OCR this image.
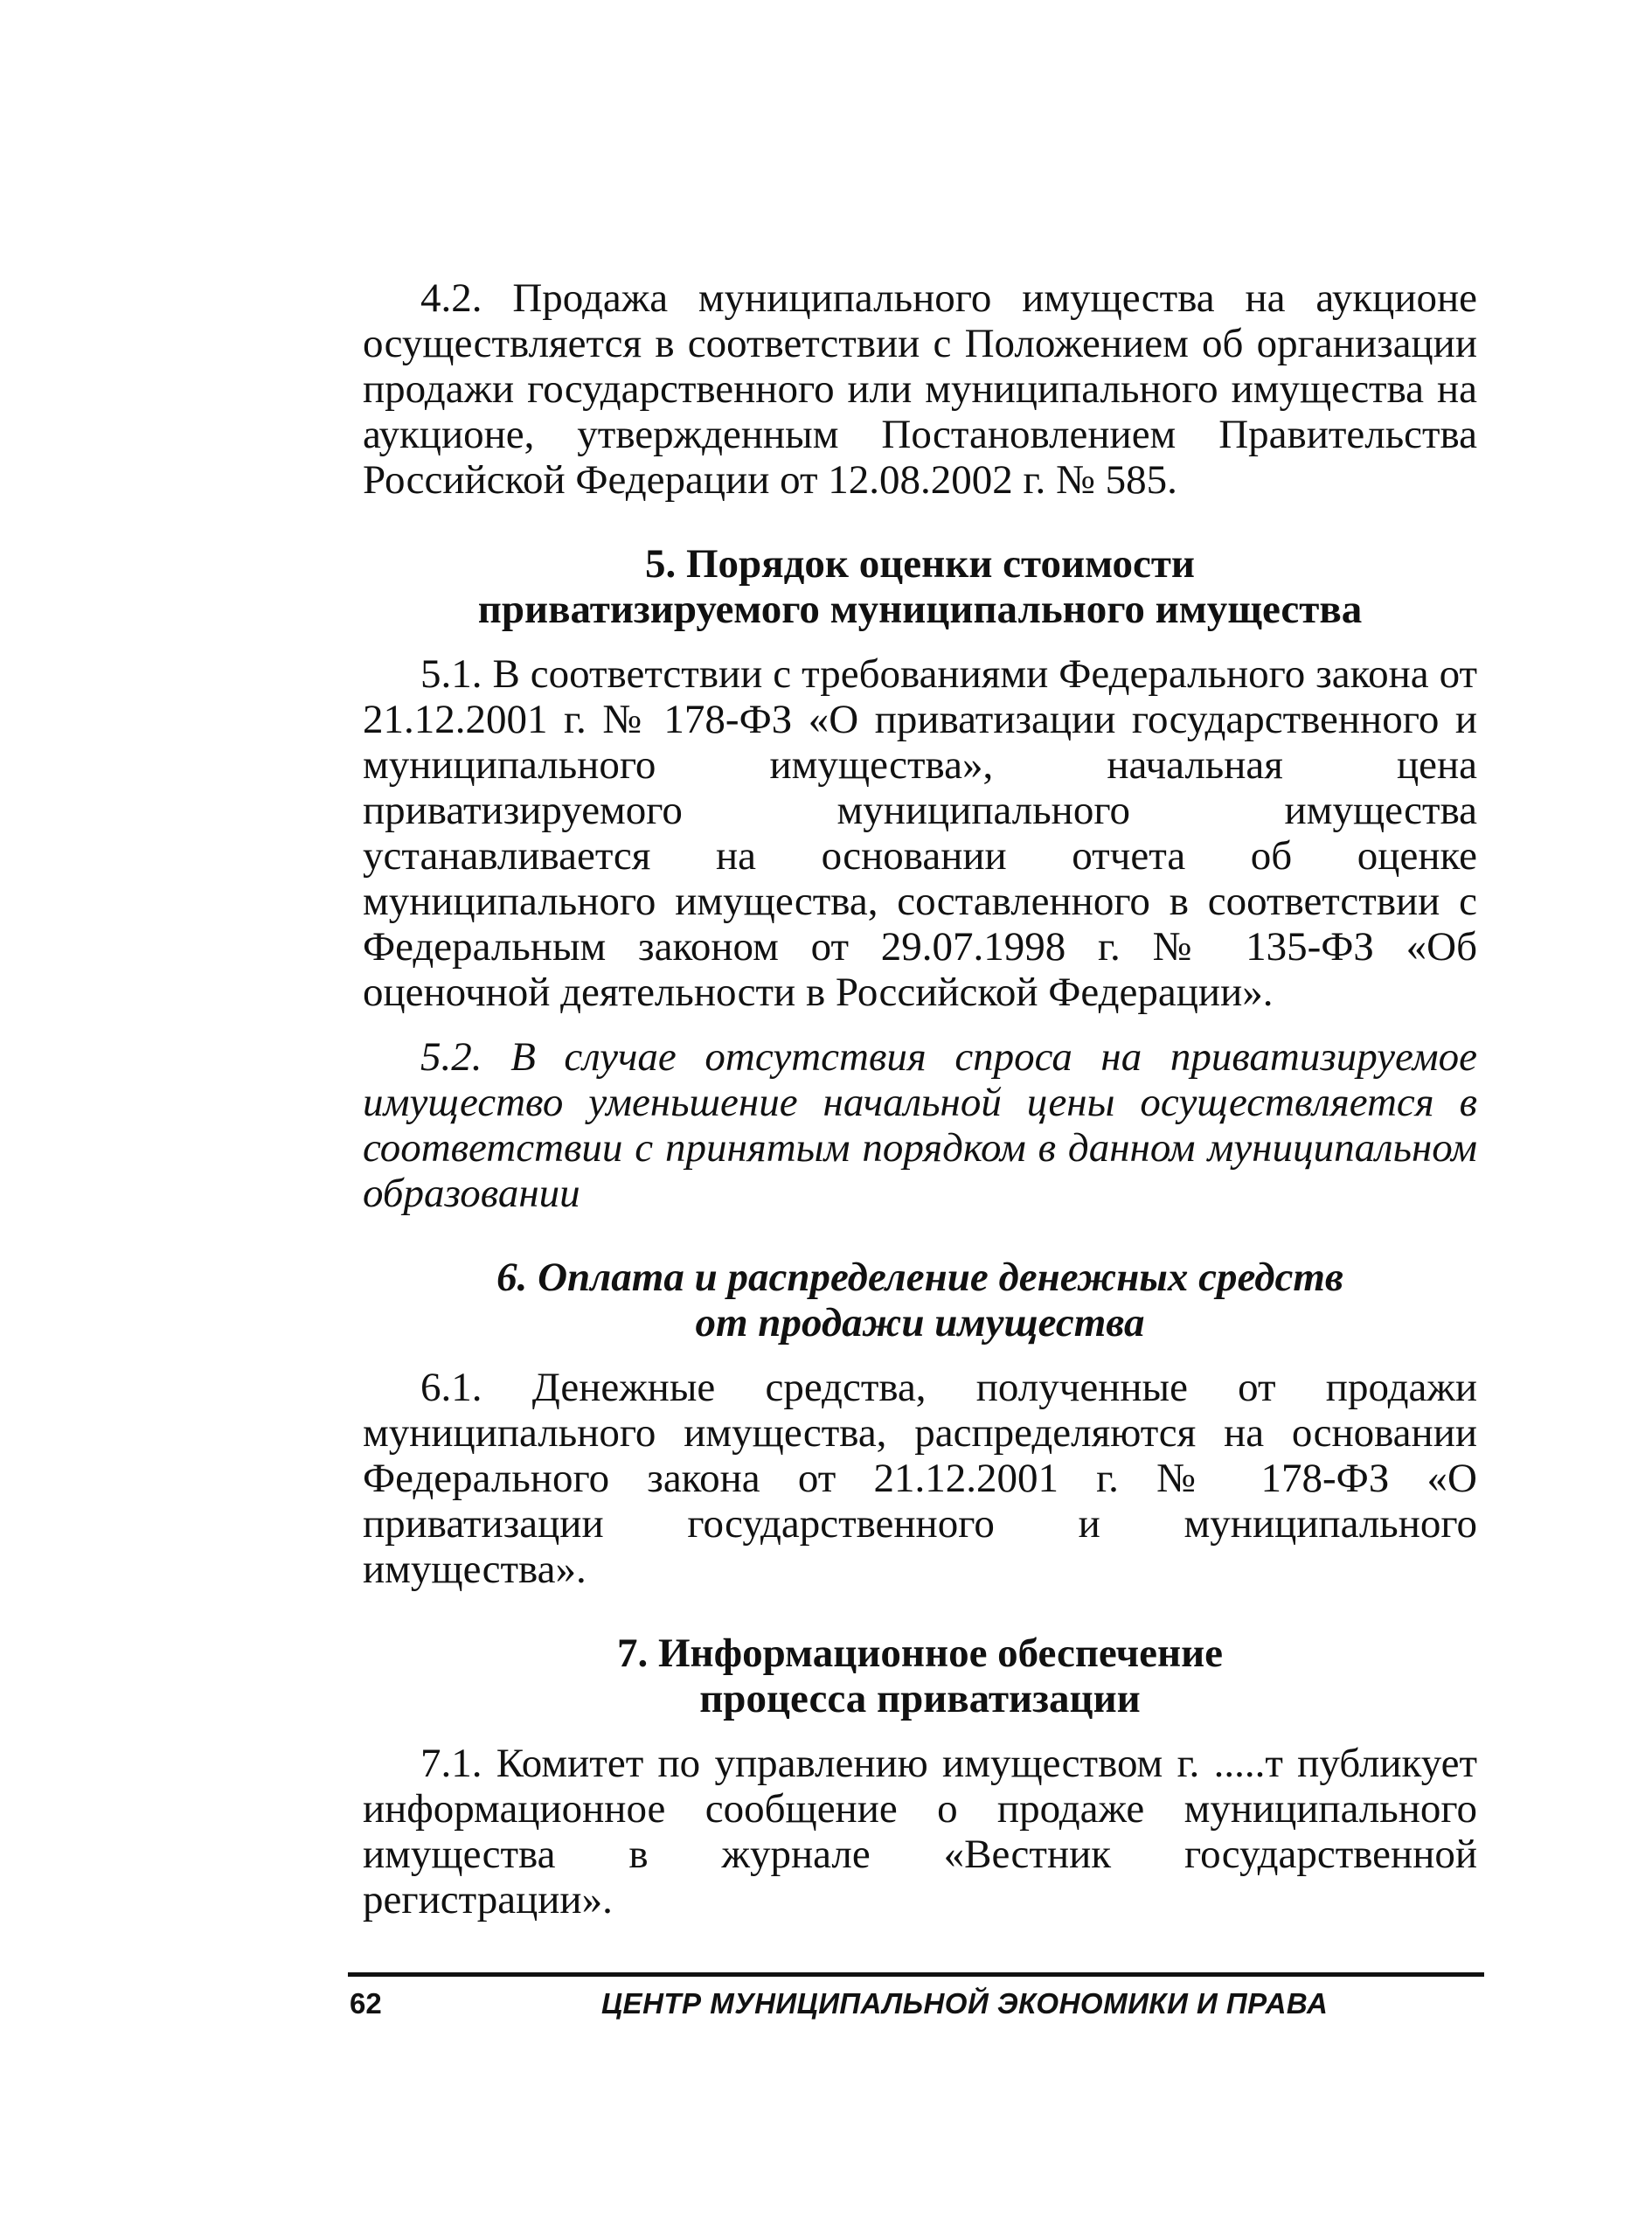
4.2. Продажа муниципального имущества на аукционе осуществляется в соответствии с Положением об организации продажи государственного или муниципального имущества на аукционе, утвержденным Постановлением Правительства Российской Федерации от 12.08.2002 г. № 585.

5. Порядок оценки стоимости
приватизируемого муниципального имущества

5.1. В соответствии с требованиями Федерального закона от 21.12.2001 г. № 178-ФЗ «О приватизации государственного и муниципального имущества», начальная цена приватизируемого муниципального имущества устанавливается на основании отчета об оценке муниципального имущества, составленного в соответствии с Федеральным законом от 29.07.1998 г. № 135-ФЗ «Об оценочной деятельности в Российской Федерации».

5.2. В случае отсутствия спроса на приватизируемое имущество уменьшение начальной цены осуществляется в соответствии с принятым порядком в данном муниципальном образовании

6. Оплата и распределение денежных средств
от продажи имущества

6.1. Денежные средства, полученные от продажи муниципального имущества, распределяются на основании Федерального закона от 21.12.2001 г. № 178-ФЗ «О приватизации государственного и муниципального имущества».

7. Информационное обеспечение
процесса приватизации

7.1. Комитет по управлению имуществом г. .....т публикует информационное сообщение о продаже муниципального имущества в журнале «Вестник государственной регистрации».

62	ЦЕНТР МУНИЦИПАЛЬНОЙ ЭКОНОМИКИ И ПРАВА
